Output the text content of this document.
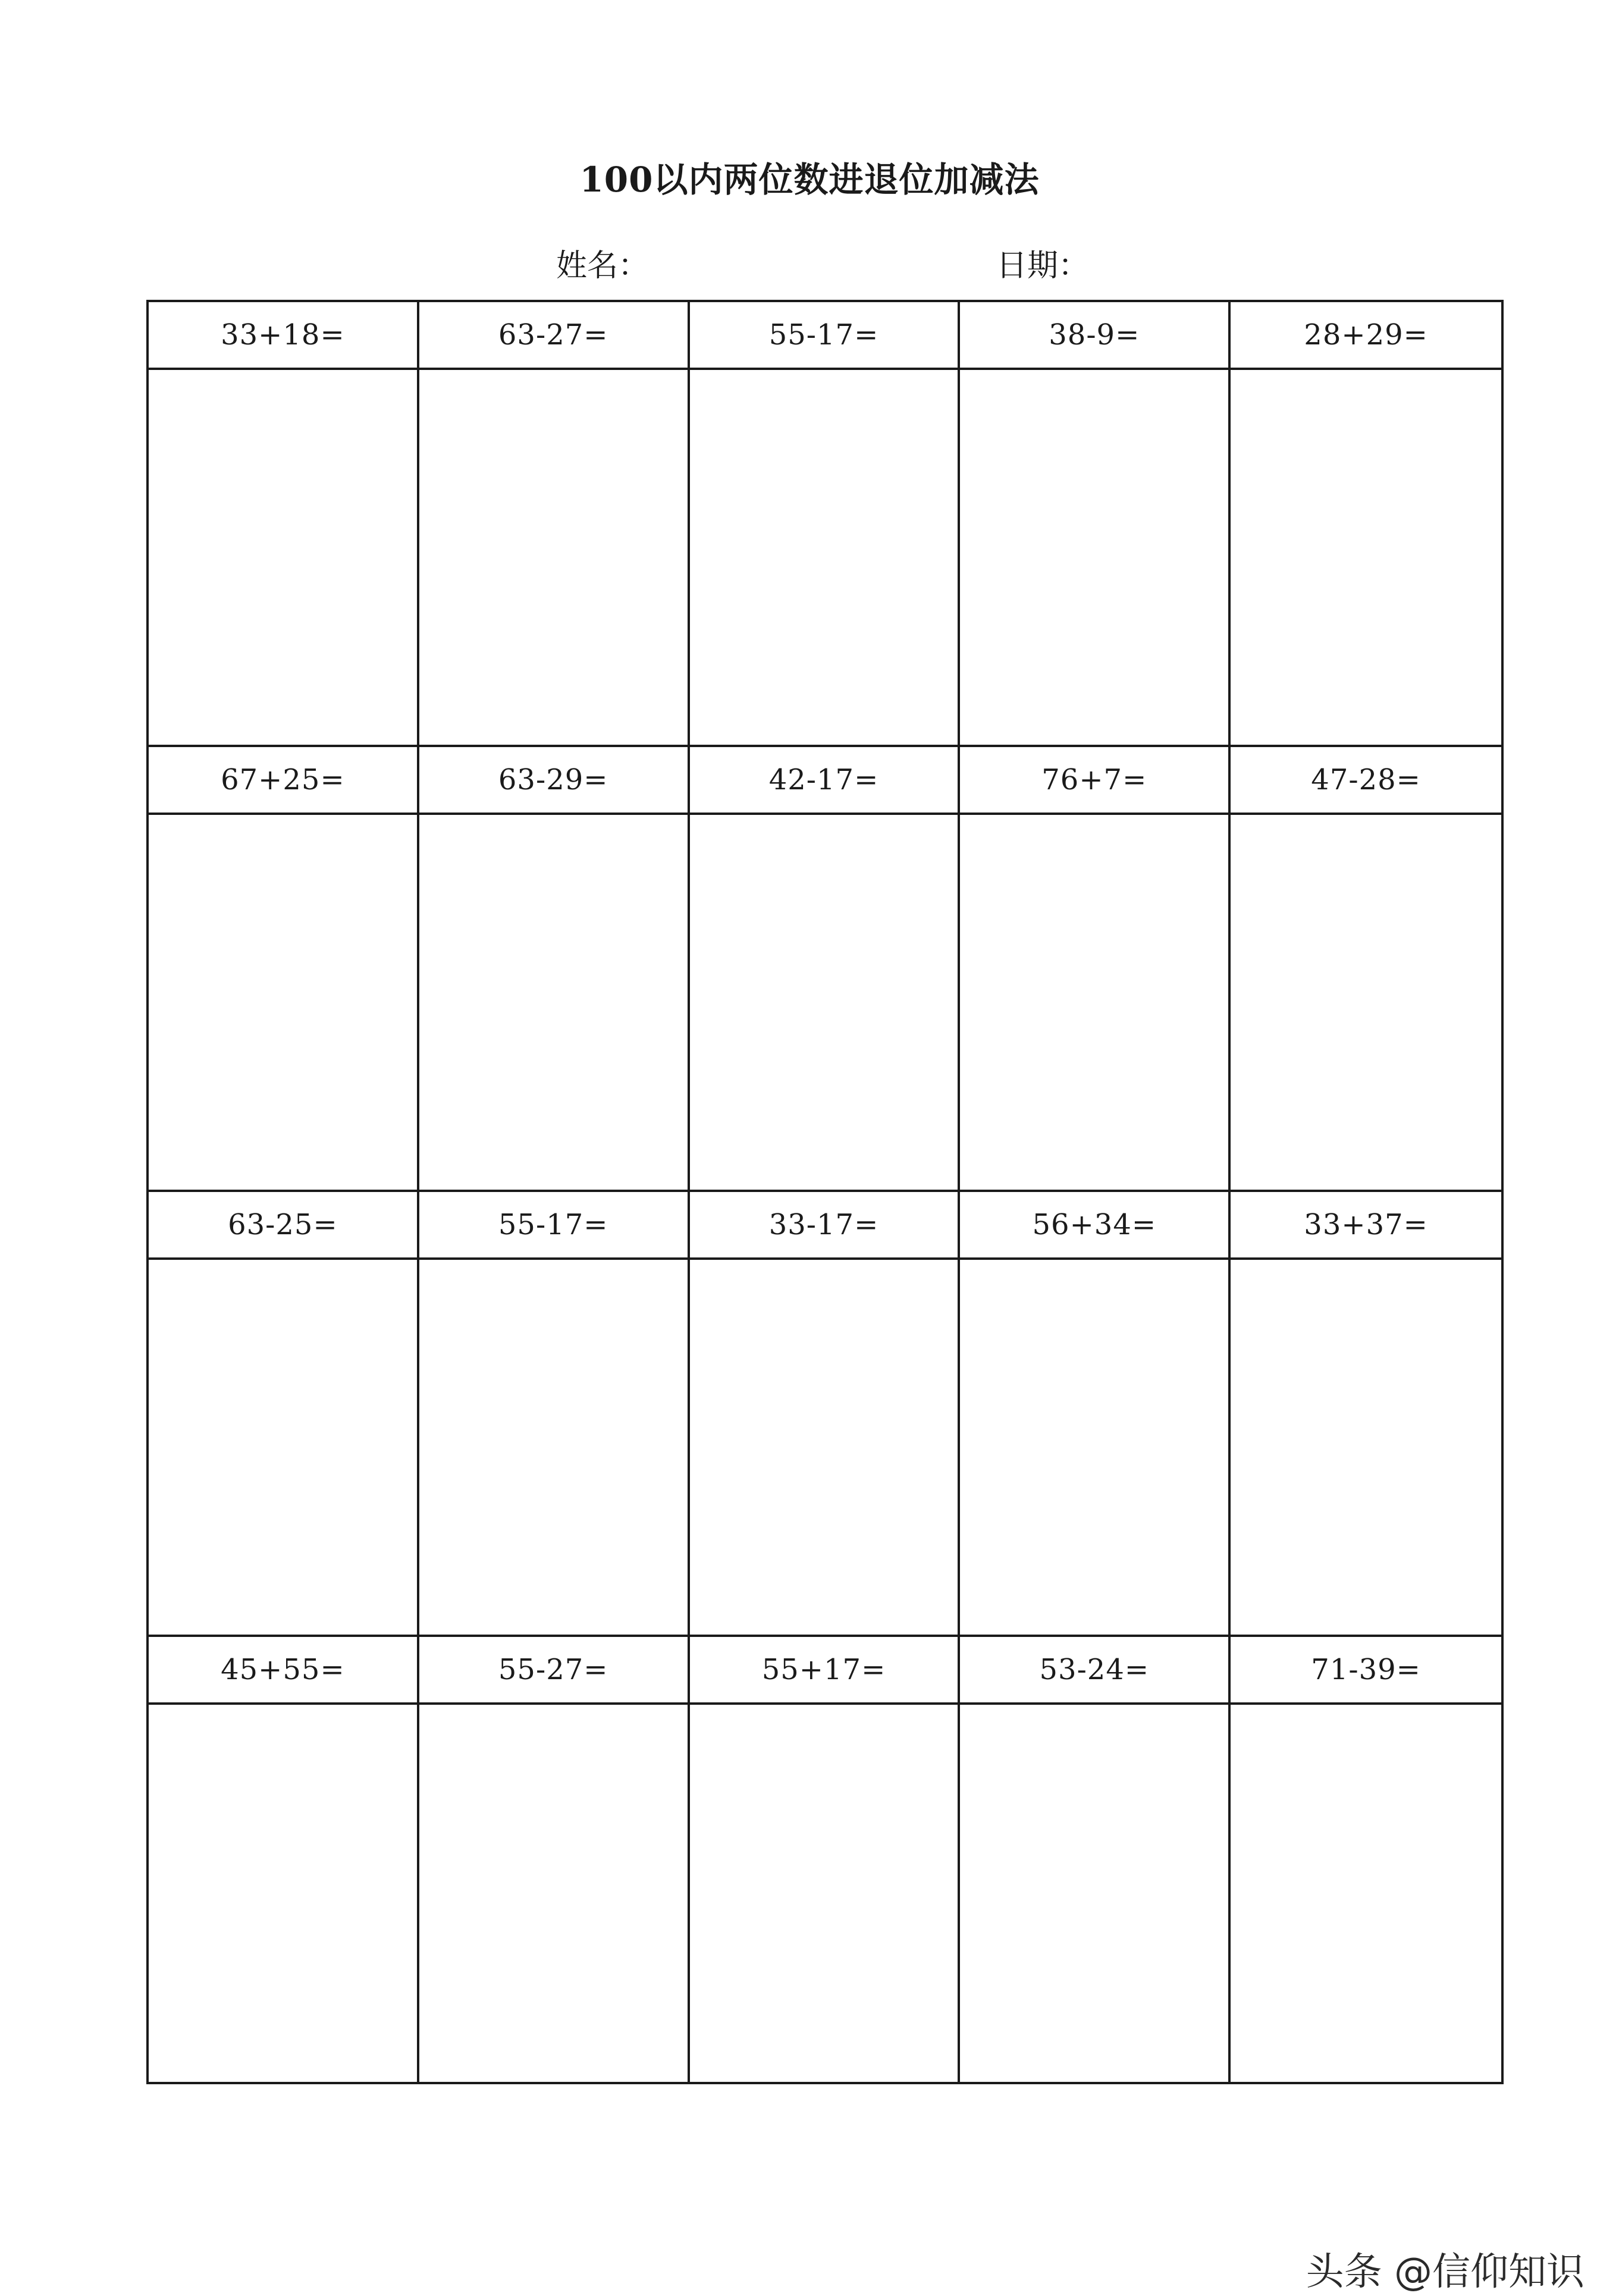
100以内两位数进退位加减法
姓名：	日期：
33+18=	63-27=	55-17=	38-9=	28+29=
67+25=	63-29=	42-17=	76+7=	47-28=
63-25=	55-17=	33-17=	56+34=	33+37=
45+55=	55-27=	55+17=	53-24=	71-39=
头条 @信仰知识
